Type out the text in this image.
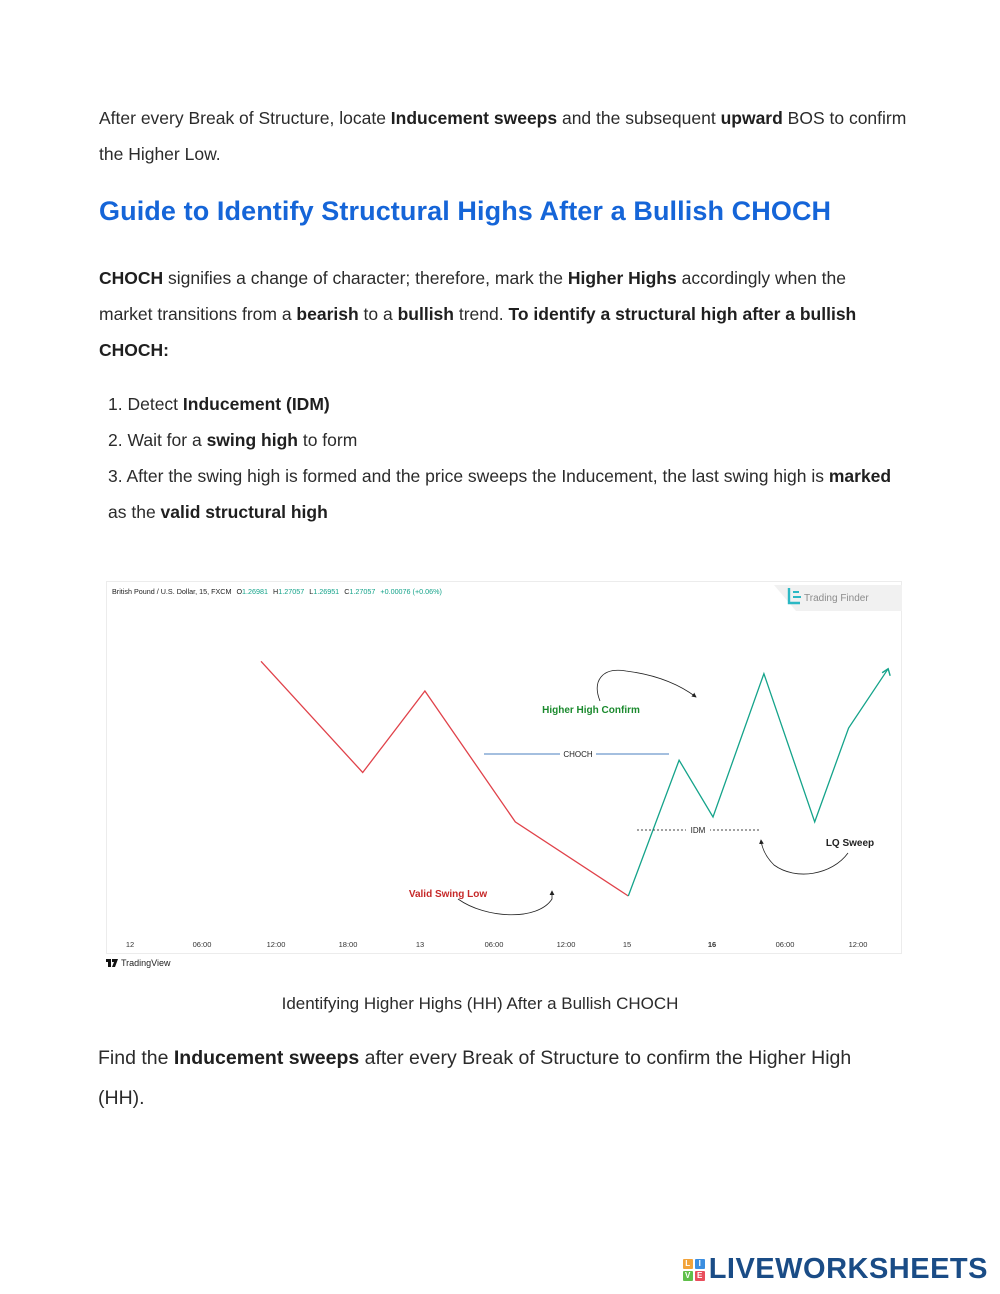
After every Break of Structure, locate Inducement sweeps and the subsequent upward BOS to confirm the Higher Low.
Guide to Identify Structural Highs After a Bullish CHOCH
CHOCH signifies a change of character; therefore, mark the Higher Highs accordingly when the market transitions from a bearish to a bullish trend. To identify a structural high after a bullish CHOCH:
1. Detect Inducement (IDM)
2. Wait for a swing high to form
3. After the swing high is formed and the price sweeps the Inducement, the last swing high is marked as the valid structural high
British Pound / U.S. Dollar, 15, FXCM O1.26981 H1.27057 L1.26951 C1.27057 +0.00076 (+0.06%)
Trading Finder
CHOCH
IDM
Higher High Confirm
Valid Swing Low
LQ Sweep
12	06:00	12:00	18:00	13	06:00	12:00	15	16	06:00	12:00
TradingView
Identifying Higher Highs (HH) After a Bullish CHOCH
Find the Inducement sweeps after every Break of Structure to confirm the Higher High (HH).
L	I
V E LIVEWORKSHEETS
